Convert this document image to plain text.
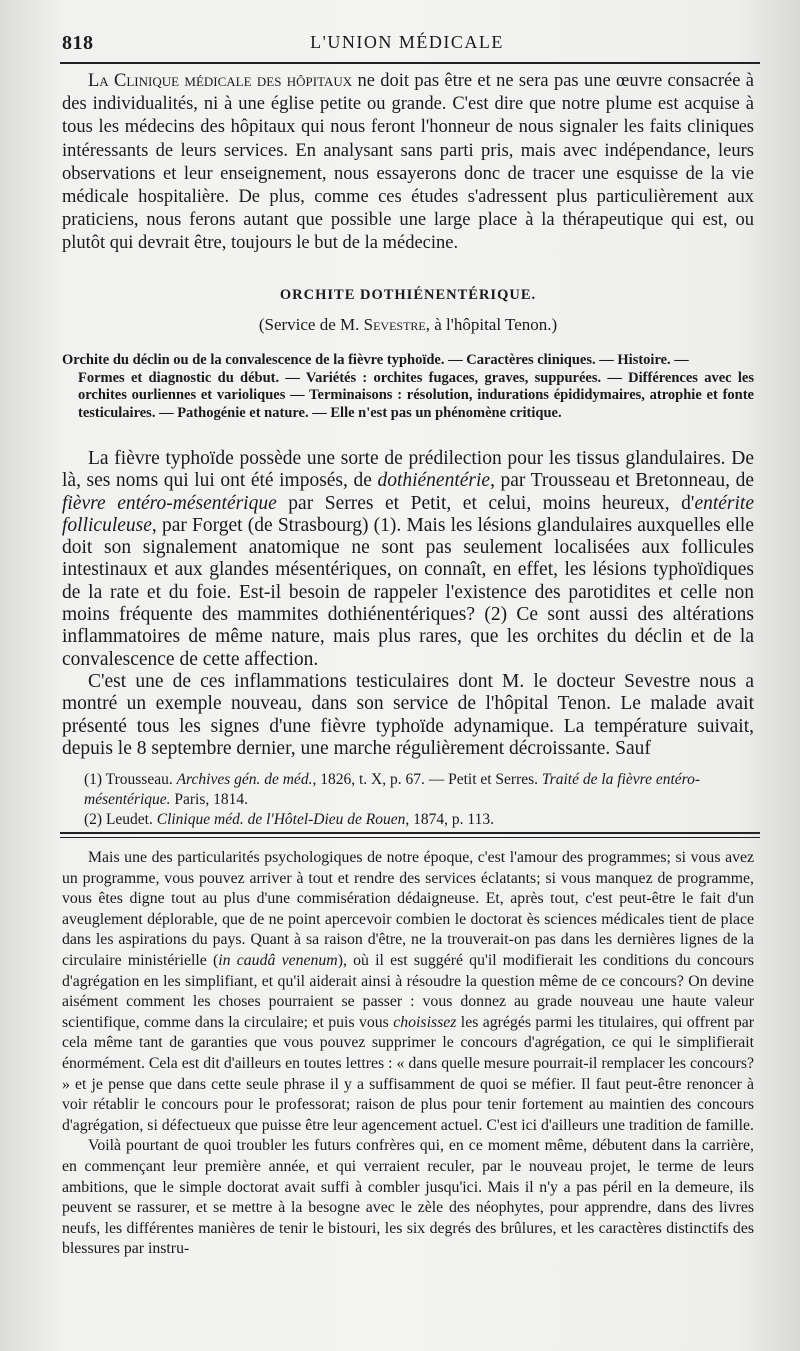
818	L'UNION MÉDICALE

La Clinique médicale des hôpitaux ne doit pas être et ne sera pas une œuvre consacrée à des individualités, ni à une église petite ou grande. C'est dire que notre plume est acquise à tous les médecins des hôpitaux qui nous feront l'honneur de nous signaler les faits cliniques intéressants de leurs services. En analysant sans parti pris, mais avec indépendance, leurs observations et leur enseignement, nous essayerons donc de tracer une esquisse de la vie médicale hospitalière. De plus, comme ces études s'adressent plus particulièrement aux praticiens, nous ferons autant que possible une large place à la thérapeutique qui est, ou plutôt qui devrait être, toujours le but de la médecine.

ORCHITE DOTHIÉNENTÉRIQUE.
(Service de M. Sevestre, à l'hôpital Tenon.)

Orchite du déclin ou de la convalescence de la fièvre typhoïde. — Caractères cliniques. — Histoire. —

Formes et diagnostic du début. — Variétés : orchites fugaces, graves, suppurées. — Différences avec les orchites ourliennes et varioliques — Terminaisons : résolution, indurations épididymaires, atrophie et fonte testiculaires. — Pathogénie et nature. — Elle n'est pas un phénomène critique.

La fièvre typhoïde possède une sorte de prédilection pour les tissus glandulaires. De là, ses noms qui lui ont été imposés, de dothiénentérie, par Trousseau et Bretonneau, de fièvre entéro-mésentérique par Serres et Petit, et celui, moins heureux, d'entérite folliculeuse, par Forget (de Strasbourg) (1). Mais les lésions glandulaires auxquelles elle doit son signalement anatomique ne sont pas seulement localisées aux follicules intestinaux et aux glandes mésentériques, on connaît, en effet, les lésions typhoïdiques de la rate et du foie. Est-il besoin de rappeler l'existence des parotidites et celle non moins fréquente des mammites dothiénentériques? (2) Ce sont aussi des altérations inflammatoires de même nature, mais plus rares, que les orchites du déclin et de la convalescence de cette affection.

C'est une de ces inflammations testiculaires dont M. le docteur Sevestre nous a montré un exemple nouveau, dans son service de l'hôpital Tenon. Le malade avait présenté tous les signes d'une fièvre typhoïde adynamique. La température suivait, depuis le 8 septembre dernier, une marche régulièrement décroissante. Sauf

(1) Trousseau. Archives gén. de méd., 1826, t. X, p. 67. — Petit et Serres. Traité de la fièvre entéro-mésentérique. Paris, 1814.

(2) Leudet. Clinique méd. de l'Hôtel-Dieu de Rouen, 1874, p. 113.

Mais une des particularités psychologiques de notre époque, c'est l'amour des programmes; si vous avez un programme, vous pouvez arriver à tout et rendre des services éclatants; si vous manquez de programme, vous êtes digne tout au plus d'une commisération dédaigneuse. Et, après tout, c'est peut-être le fait d'un aveuglement déplorable, que de ne point apercevoir combien le doctorat ès sciences médicales tient de place dans les aspirations du pays. Quant à sa raison d'être, ne la trouverait-on pas dans les dernières lignes de la circulaire ministérielle (in caudâ venenum), où il est suggéré qu'il modifierait les conditions du concours d'agrégation en les simplifiant, et qu'il aiderait ainsi à résoudre la question même de ce concours? On devine aisément comment les choses pourraient se passer : vous donnez au grade nouveau une haute valeur scientifique, comme dans la circulaire; et puis vous choisissez les agrégés parmi les titulaires, qui offrent par cela même tant de garanties que vous pouvez supprimer le concours d'agrégation, ce qui le simplifierait énormément. Cela est dit d'ailleurs en toutes lettres : « dans quelle mesure pourrait-il remplacer les concours? » et je pense que dans cette seule phrase il y a suffisamment de quoi se méfier. Il faut peut-être renoncer à voir rétablir le concours pour le professorat; raison de plus pour tenir fortement au maintien des concours d'agrégation, si défectueux que puisse être leur agencement actuel. C'est ici d'ailleurs une tradition de famille.

Voilà pourtant de quoi troubler les futurs confrères qui, en ce moment même, débutent dans la carrière, en commençant leur première année, et qui verraient reculer, par le nouveau projet, le terme de leurs ambitions, que le simple doctorat avait suffi à combler jusqu'ici. Mais il n'y a pas péril en la demeure, ils peuvent se rassurer, et se mettre à la besogne avec le zèle des néophytes, pour apprendre, dans des livres neufs, les différentes manières de tenir le bistouri, les six degrés des brûlures, et les caractères distinctifs des blessures par instru-
